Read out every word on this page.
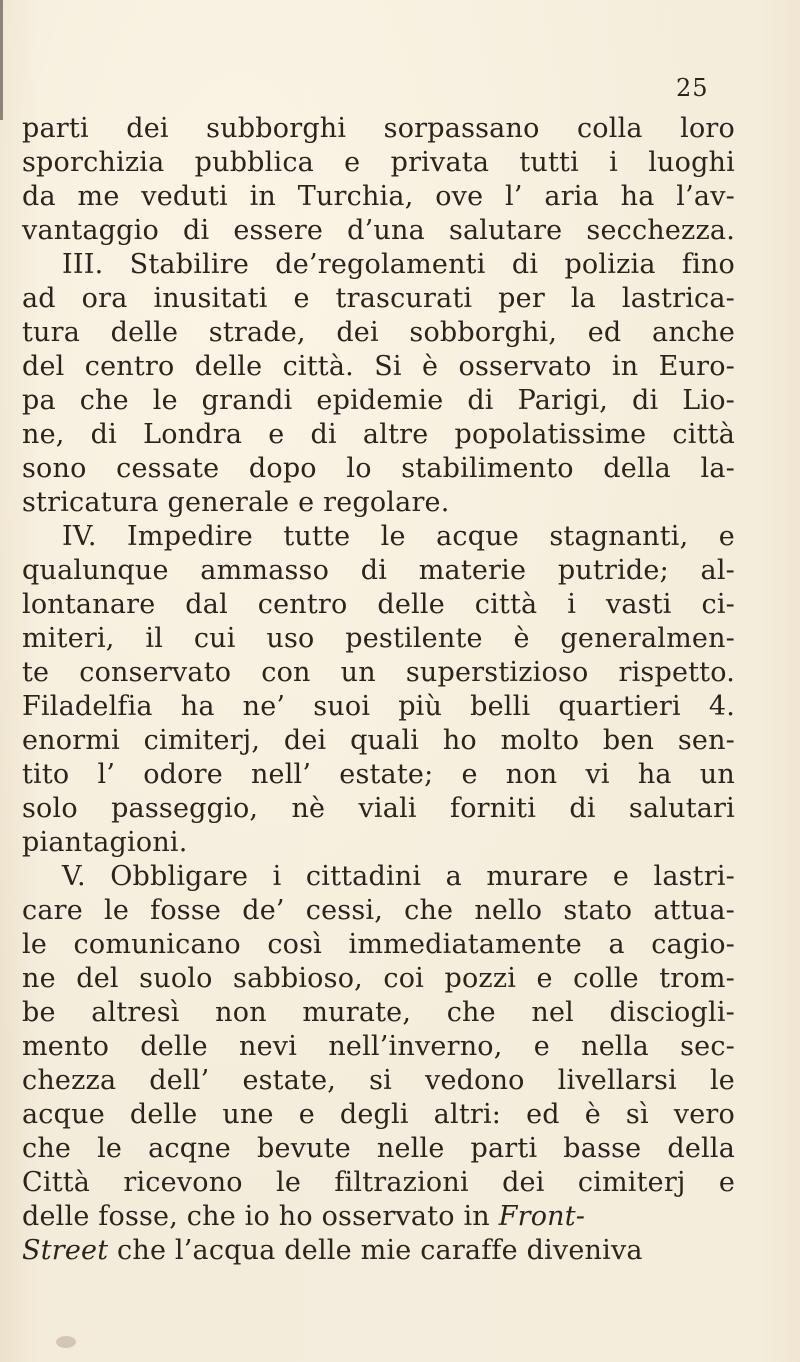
25
parti dei subborghi sorpassano colla loro
sporchizia pubblica e privata tutti i luoghi
da me veduti in Turchia, ove l’ aria ha l’av-
vantaggio di essere d’una salutare secchezza.
III. Stabilire de’regolamenti di polizia fino
ad ora inusitati e trascurati per la lastrica-
tura delle strade, dei sobborghi, ed anche
del centro delle città. Si è osservato in Euro-
pa che le grandi epidemie di Parigi, di Lio-
ne, di Londra e di altre popolatissime città
sono cessate dopo lo stabilimento della la-
stricatura generale e regolare.
IV. Impedire tutte le acque stagnanti, e
qualunque ammasso di materie putride; al-
lontanare dal centro delle città i vasti ci-
miteri, il cui uso pestilente è generalmen-
te conservato con un superstizioso rispetto.
Filadelfia ha ne’ suoi più belli quartieri 4.
enormi cimiterj, dei quali ho molto ben sen-
tito l’ odore nell’ estate; e non vi ha un
solo passeggio, nè viali forniti di salutari
piantagioni.
V. Obbligare i cittadini a murare e lastri-
care le fosse de’ cessi, che nello stato attua-
le comunicano così immediatamente a cagio-
ne del suolo sabbioso, coi pozzi e colle trom-
be altresì non murate, che nel disciogli-
mento delle nevi nell’inverno, e nella sec-
chezza dell’ estate, si vedono livellarsi le
acque delle une e degli altri: ed è sì vero
che le acqne bevute nelle parti basse della
Città ricevono le filtrazioni dei cimiterj e
delle fosse, che io ho osservato in Front-
Street che l’acqua delle mie caraffe diveniva
